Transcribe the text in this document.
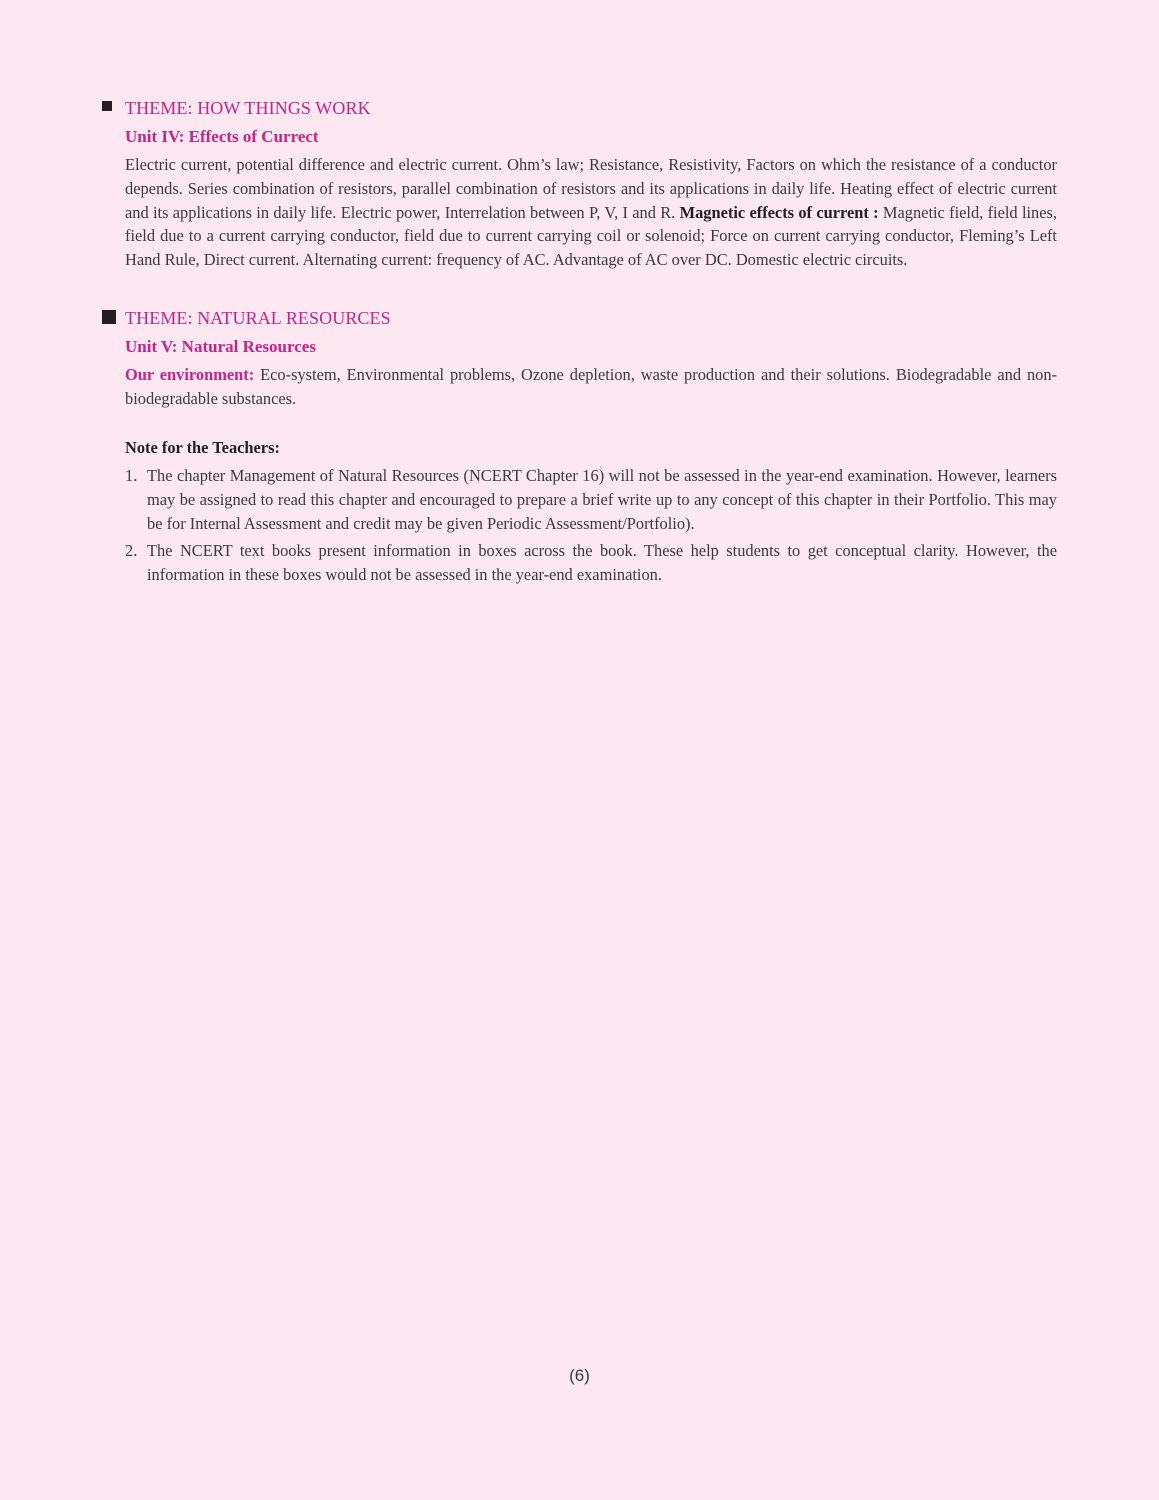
THEME: HOW THINGS WORK
Unit IV: Effects of Currect
Electric current, potential difference and electric current. Ohm’s law; Resistance, Resistivity, Factors on which the resistance of a conductor depends. Series combination of resistors, parallel combination of resistors and its applications in daily life. Heating effect of electric current and its applications in daily life. Electric power, Interrelation between P, V, I and R. Magnetic effects of current : Magnetic field, field lines, field due to a current carrying conductor, field due to current carrying coil or solenoid; Force on current carrying conductor, Fleming’s Left Hand Rule, Direct current. Alternating current: frequency of AC. Advantage of AC over DC. Domestic electric circuits.
THEME: NATURAL RESOURCES
Unit V: Natural Resources
Our environment: Eco-system, Environmental problems, Ozone depletion, waste production and their solutions. Biodegradable and non-biodegradable substances.
Note for the Teachers:
1. The chapter Management of Natural Resources (NCERT Chapter 16) will not be assessed in the year-end examination. However, learners may be assigned to read this chapter and encouraged to prepare a brief write up to any concept of this chapter in their Portfolio. This may be for Internal Assessment and credit may be given Periodic Assessment/Portfolio).
2. The NCERT text books present information in boxes across the book. These help students to get conceptual clarity. However, the information in these boxes would not be assessed in the year-end examination.
(6)
